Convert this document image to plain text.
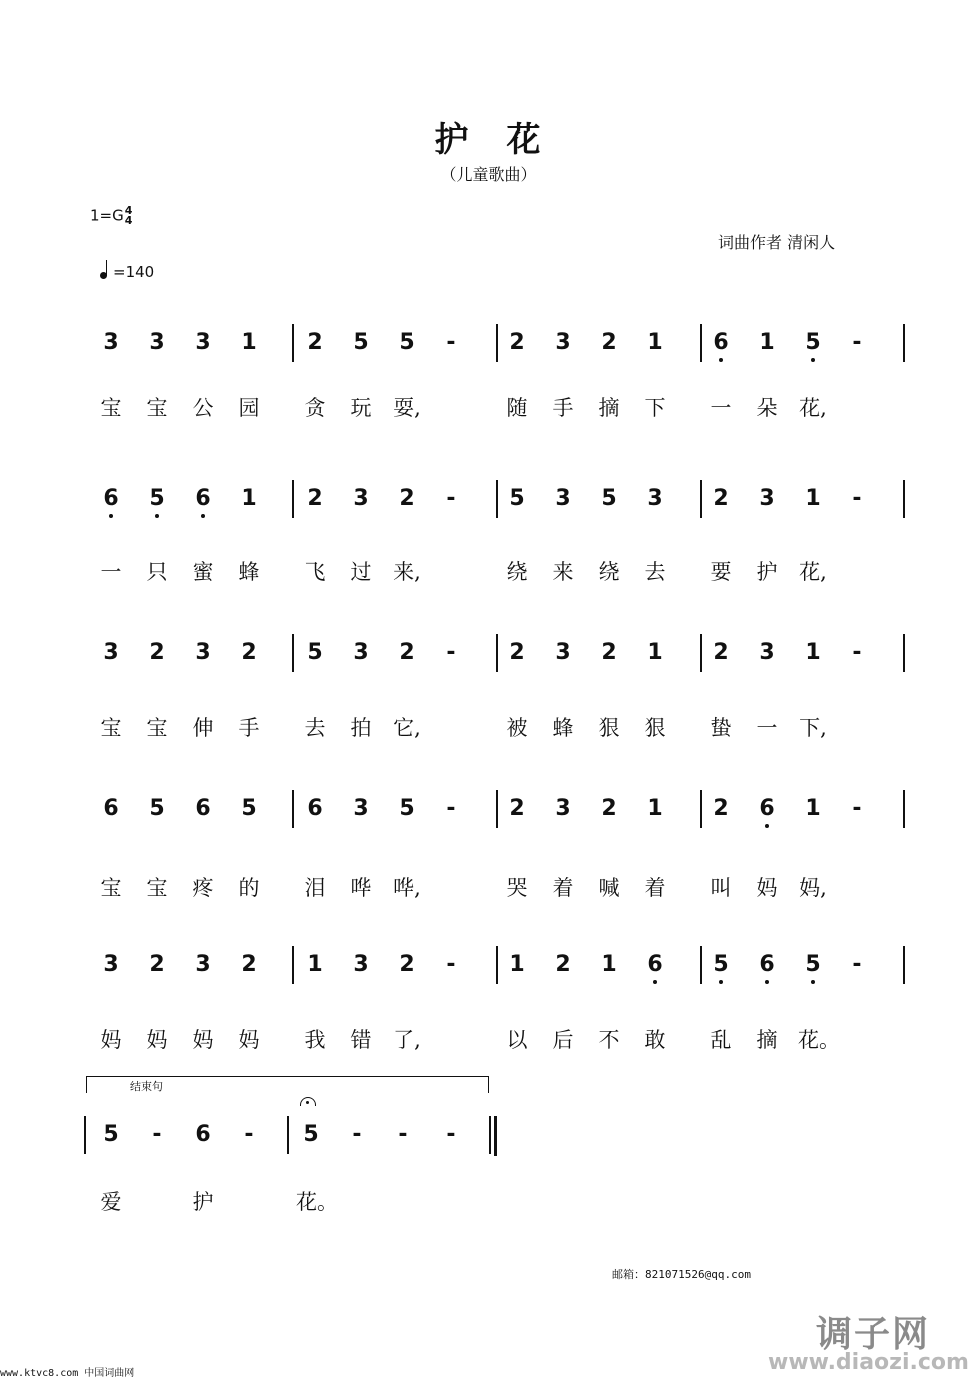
护　花
（儿童歌曲）
1=G 4
4
=140
词曲作者 清闲人
3 3 3 1 2 5 5 - 2 3 2 1 6 1 5 -
宝 宝 公 园 贪 玩 耍,	随 手 摘 下 一 朵 花,
6 5 6 1 2 3 2 - 5 3 5 3 2 3 1 -
一 只 蜜 蜂 飞 过 来,	绕 来 绕 去 要 护 花,
3 2 3 2 5 3 2 - 2 3 2 1 2 3 1 -
宝 宝 伸 手 去 拍 它,	被 蜂 狠 狠 蛰 一 下,
6 5 6 5 6 3 5 - 2 3 2 1 2 6 1 -
宝 宝 疼 的 泪 哗 哗,	哭 着 喊 着 叫 妈 妈,
3 2 3 2 1 3 2 - 1 2 1 6 5 6 5 -
妈 妈 妈 妈 我 错 了,	以 后 不 敢 乱 摘 花。
5 - 6 - 5 - - -
爱	护	花。
结束句
邮箱：821071526@qq.com
www.ktvc8.com 中国词曲网
调子网
www.diaozi.com
